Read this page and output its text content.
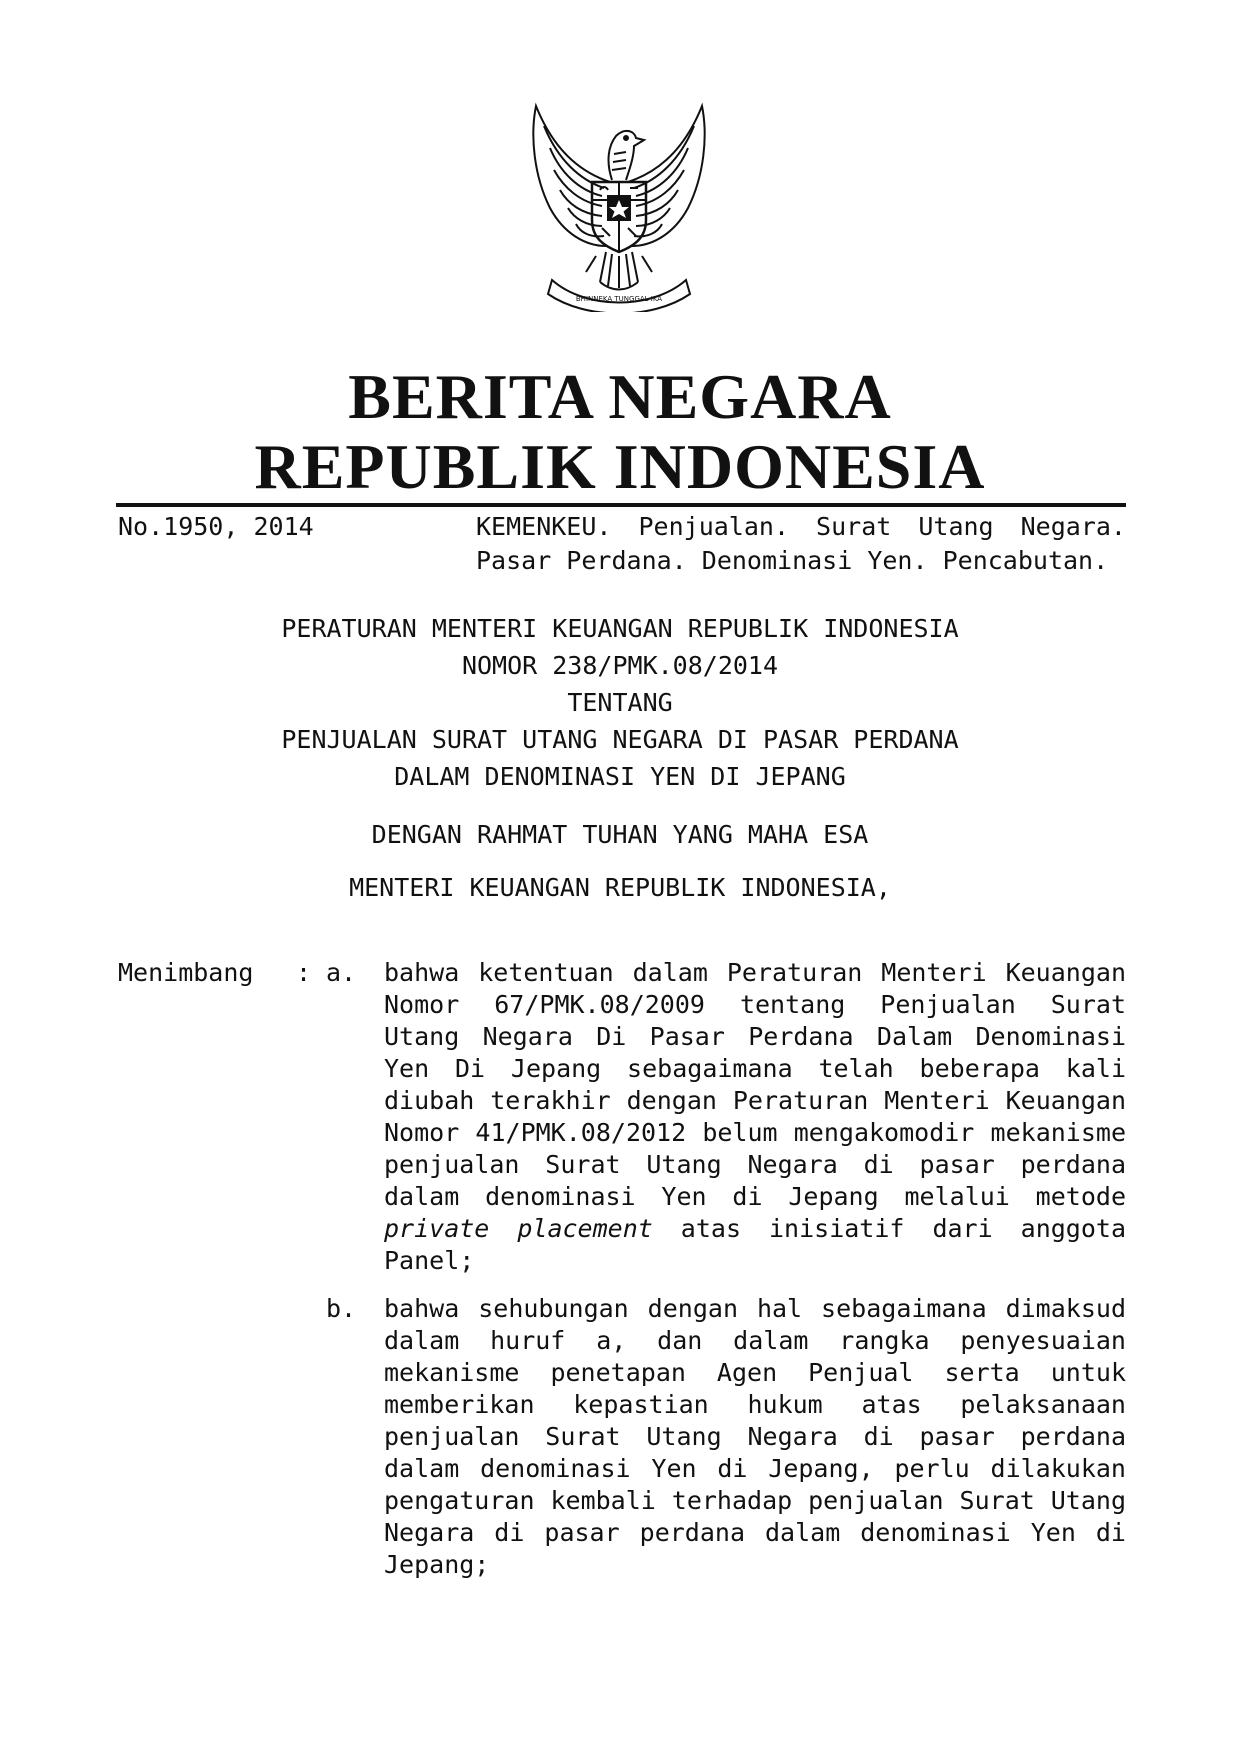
BHINNEKA TUNGGAL IKA
BERITA NEGARA
REPUBLIK INDONESIA
No.1950, 2014	KEMENKEU. Penjualan. Surat Utang Negara.
Pasar Perdana. Denominasi Yen. Pencabutan.
PERATURAN MENTERI KEUANGAN REPUBLIK INDONESIA
NOMOR 238/PMK.08/2014
TENTANG
PENJUALAN SURAT UTANG NEGARA DI PASAR PERDANA
DALAM DENOMINASI YEN DI JEPANG
DENGAN RAHMAT TUHAN YANG MAHA ESA
MENTERI KEUANGAN REPUBLIK INDONESIA,
Menimbang : a. bahwa ketentuan dalam Peraturan Menteri Keuangan Nomor 67/PMK.08/2009 tentang Penjualan Surat Utang Negara Di Pasar Perdana Dalam Denominasi Yen Di Jepang sebagaimana telah beberapa kali diubah terakhir dengan Peraturan Menteri Keuangan Nomor 41/PMK.08/2012 belum mengakomodir mekanisme penjualan Surat Utang Negara di pasar perdana dalam denominasi Yen di Jepang melalui metode private placement atas inisiatif dari anggota Panel;
b. bahwa sehubungan dengan hal sebagaimana dimaksud dalam huruf a, dan dalam rangka penyesuaian mekanisme penetapan Agen Penjual serta untuk memberikan kepastian hukum atas pelaksanaan penjualan Surat Utang Negara di pasar perdana dalam denominasi Yen di Jepang, perlu dilakukan pengaturan kembali terhadap penjualan Surat Utang Negara di pasar perdana dalam denominasi Yen di Jepang;
